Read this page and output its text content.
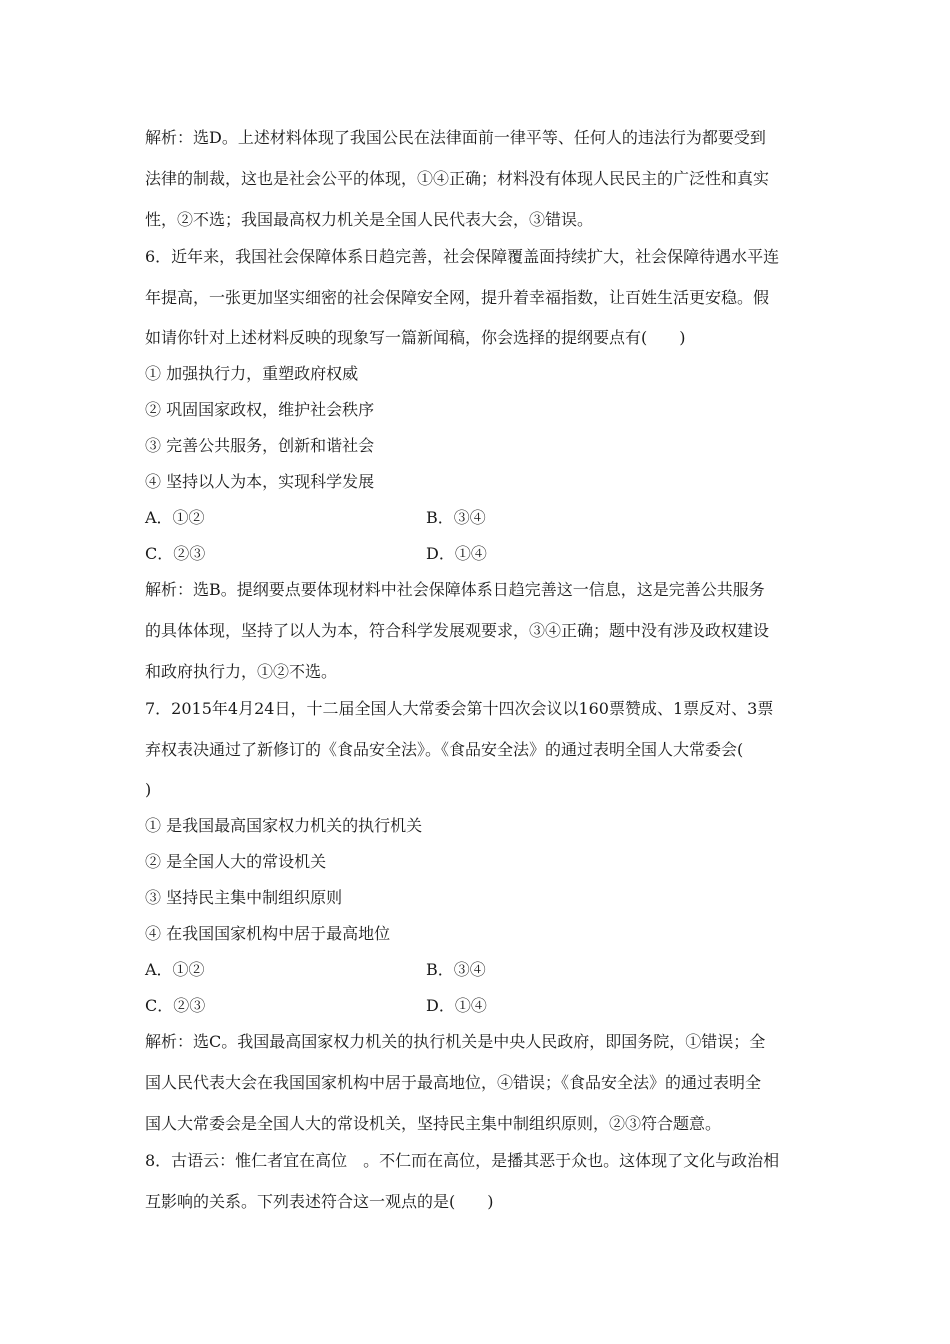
解析：选D。上述材料体现了我国公民在法律面前一律平等、任何人的违法行为都要受到
法律的制裁，这也是社会公平的体现，①④正确；材料没有体现人民民主的广泛性和真实
性，②不选；我国最高权力机关是全国人民代表大会，③错误。
6．近年来，我国社会保障体系日趋完善，社会保障覆盖面持续扩大，社会保障待遇水平连
年提高，一张更加坚实细密的社会保障安全网，提升着幸福指数，让百姓生活更安稳。假
如请你针对上述材料反映的现象写一篇新闻稿，你会选择的提纲要点有(　　)
① 加强执行力，重塑政府权威
② 巩固国家政权，维护社会秩序
③ 完善公共服务，创新和谐社会
④ 坚持以人为本，实现科学发展
A．①②	B．③④
C．②③	D．①④
解析：选B。提纲要点要体现材料中社会保障体系日趋完善这一信息，这是完善公共服务
的具体体现，坚持了以人为本，符合科学发展观要求，③④正确；题中没有涉及政权建设
和政府执行力，①②不选。
7．2015年4月24日，十二届全国人大常委会第十四次会议以160票赞成、1票反对、3票
弃权表决通过了新修订的《食品安全法》。《食品安全法》的通过表明全国人大常委会(
)
① 是我国最高国家权力机关的执行机关
② 是全国人大的常设机关
③ 坚持民主集中制组织原则
④ 在我国国家机构中居于最高地位
A．①②	B．③④
C．②③	D．①④
解析：选C。我国最高国家权力机关的执行机关是中央人民政府，即国务院，①错误；全
国人民代表大会在我国国家机构中居于最高地位，④错误；《食品安全法》的通过表明全
国人大常委会是全国人大的常设机关，坚持民主集中制组织原则，②③符合题意。
8．古语云：惟仁者宜在高位　。不仁而在高位，是播其恶于众也。这体现了文化与政治相
互影响的关系。下列表述符合这一观点的是(　　)
